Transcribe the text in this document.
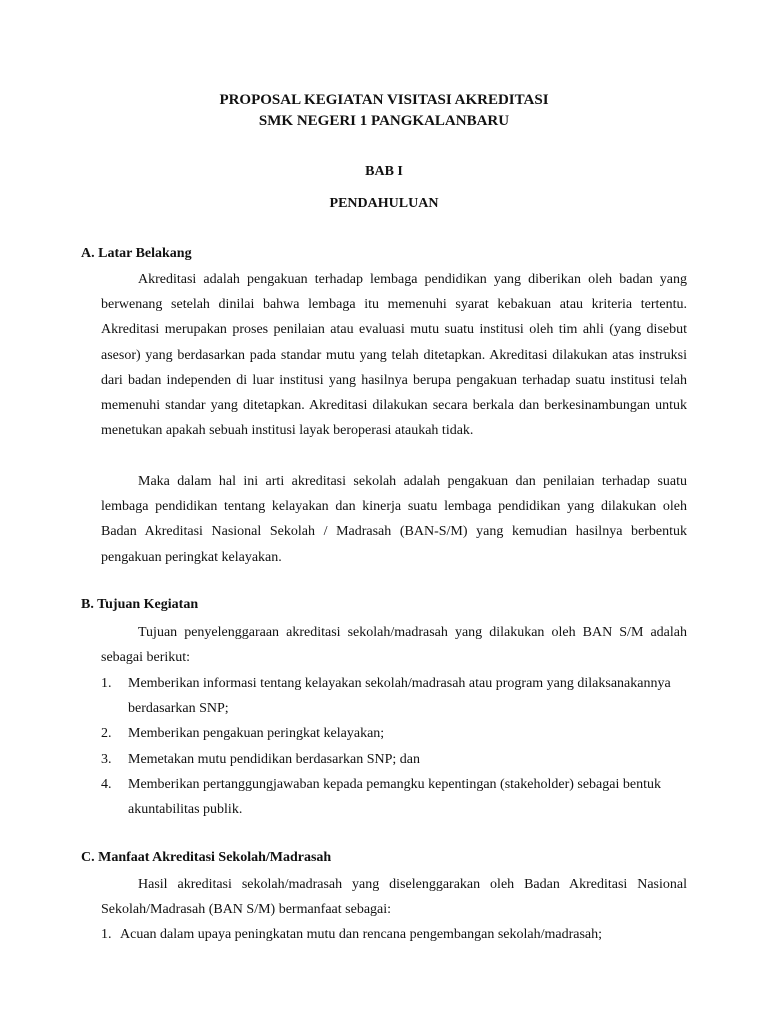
PROPOSAL KEGIATAN VISITASI AKREDITASI
SMK NEGERI 1 PANGKALANBARU
BAB I
PENDAHULUAN
A. Latar Belakang

Akreditasi adalah pengakuan terhadap lembaga pendidikan yang diberikan oleh badan yang berwenang setelah dinilai bahwa lembaga itu memenuhi syarat kebakuan atau kriteria tertentu. Akreditasi merupakan proses penilaian atau evaluasi mutu suatu institusi oleh tim ahli (yang disebut asesor) yang berdasarkan pada standar mutu yang telah ditetapkan. Akreditasi dilakukan atas instruksi dari badan independen di luar institusi yang hasilnya berupa pengakuan terhadap suatu institusi telah memenuhi standar yang ditetapkan. Akreditasi dilakukan secara berkala dan berkesinambungan untuk menetukan apakah sebuah institusi layak beroperasi ataukah tidak.

Maka dalam hal ini arti akreditasi sekolah adalah pengakuan dan penilaian terhadap suatu lembaga pendidikan tentang kelayakan dan kinerja suatu lembaga pendidikan yang dilakukan oleh Badan Akreditasi Nasional Sekolah / Madrasah (BAN-S/M) yang kemudian hasilnya berbentuk pengakuan peringkat kelayakan.

B. Tujuan Kegiatan

Tujuan penyelenggaraan akreditasi sekolah/madrasah yang dilakukan oleh BAN S/M adalah sebagai berikut:

1. Memberikan informasi tentang kelayakan sekolah/madrasah atau program yang dilaksanakannya berdasarkan SNP;
2. Memberikan pengakuan peringkat kelayakan;
3. Memetakan mutu pendidikan berdasarkan SNP; dan
4. Memberikan pertanggungjawaban kepada pemangku kepentingan (stakeholder) sebagai bentuk akuntabilitas publik.
C. Manfaat Akreditasi Sekolah/Madrasah

Hasil akreditasi sekolah/madrasah yang diselenggarakan oleh Badan Akreditasi Nasional Sekolah/Madrasah (BAN S/M) bermanfaat sebagai:

1. Acuan dalam upaya peningkatan mutu dan rencana pengembangan sekolah/madrasah;
